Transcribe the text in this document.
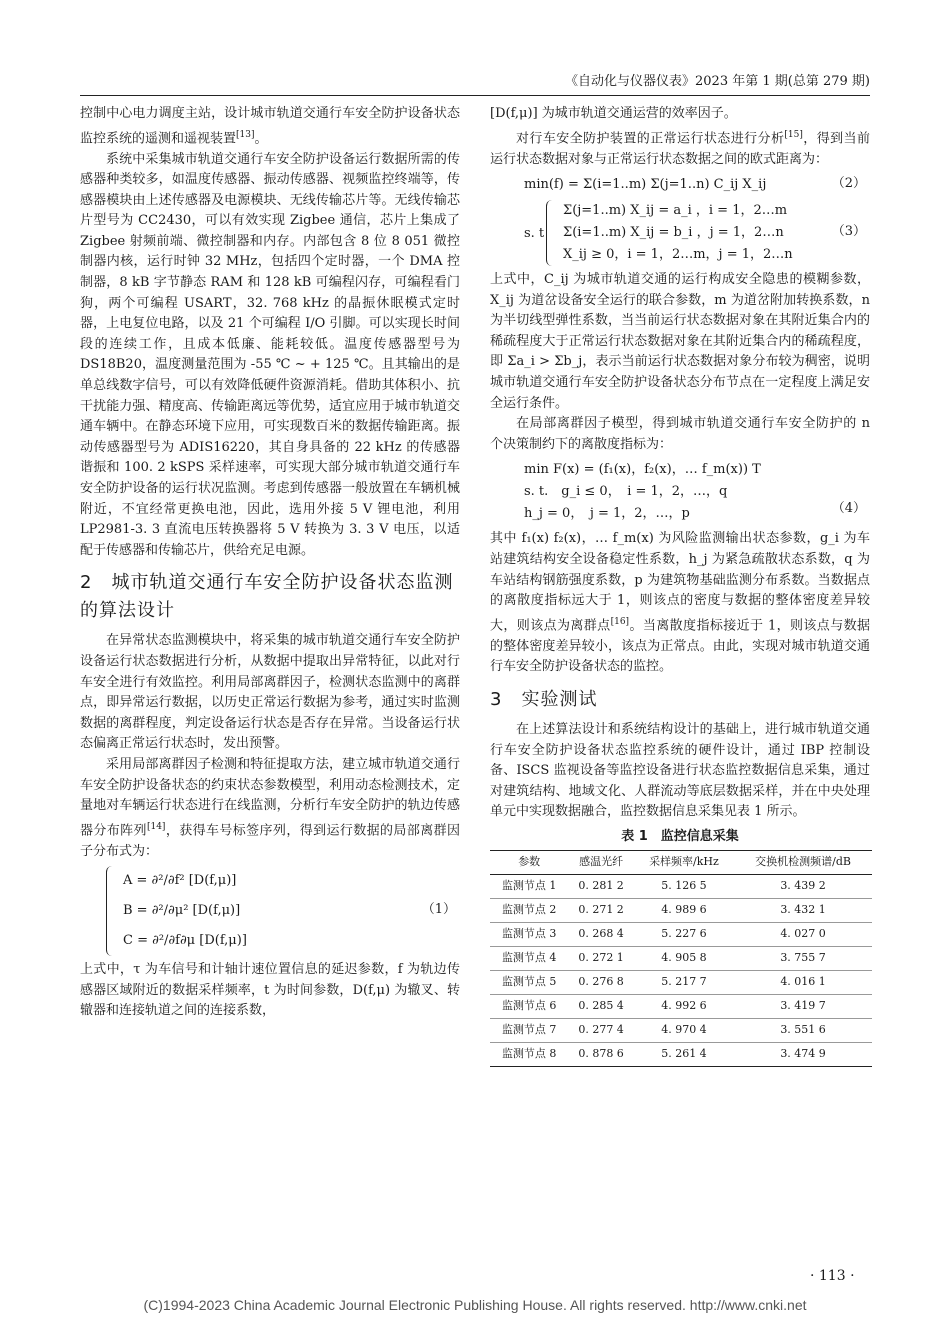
《自动化与仪器仪表》2023 年第 1 期(总第 279 期)

控制中心电力调度主站，设计城市轨道交通行车安全防护设备状态监控系统的遥测和遥视装置[13]。

系统中采集城市轨道交通行车安全防护设备运行数据所需的传感器种类较多，如温度传感器、振动传感器、视频监控终端等，传感器模块由上述传感器及电源模块、无线传输芯片等。无线传输芯片型号为 CC2430，可以有效实现 Zigbee 通信，芯片上集成了 Zigbee 射频前端、微控制器和内存。内部包含 8 位 8 051 微控制器内核，运行时钟 32 MHz，包括四个定时器，一个 DMA 控制器，8 kB 字节静态 RAM 和 128 kB 可编程闪存，可编程看门狗，两个可编程 USART，32. 768 kHz 的晶振休眠模式定时器，上电复位电路，以及 21 个可编程 I/O 引脚。可以实现长时间段的连续工作，且成本低廉、能耗较低。温度传感器型号为 DS18B20，温度测量范围为 -55 ℃ ~ + 125 ℃。且其输出的是单总线数字信号，可以有效降低硬件资源消耗。借助其体积小、抗干扰能力强、精度高、传输距离远等优势，适宜应用于城市轨道交通车辆中。在静态环境下应用，可实现数百米的数据传输距离。振动传感器型号为 ADIS16220，其自身具备的 22 kHz 的传感器谐振和 100. 2 kSPS 采样速率，可实现大部分城市轨道交通行车安全防护设备的运行状况监测。考虑到传感器一般放置在车辆机械附近，不宜经常更换电池，因此，选用外接 5 V 锂电池，利用 LP2981-3. 3 直流电压转换器将 5 V 转换为 3. 3 V 电压，以适配于传感器和传输芯片，供给充足电源。

2　城市轨道交通行车安全防护设备状态监测的算法设计

在异常状态监测模块中，将采集的城市轨道交通行车安全防护设备运行状态数据进行分析，从数据中提取出异常特征，以此对行车安全进行有效监控。利用局部离群因子，检测状态监测中的离群点，即异常运行数据，以历史正常运行数据为参考，通过实时监测数据的离群程度，判定设备运行状态是否存在异常。当设备运行状态偏离正常运行状态时，发出预警。

采用局部离群因子检测和特征提取方法，建立城市轨道交通行车安全防护设备状态的约束状态参数模型，利用动态检测技术，定量地对车辆运行状态进行在线监测，分析行车安全防护的轨边传感器分布阵列[14]，获得车号标签序列，得到运行数据的局部离群因子分布式为：

A = ∂²/∂f² [D(f,μ)]
B = ∂²/∂μ² [D(f,μ)]
C = ∂²/∂f∂μ [D(f,μ)]
（1）

上式中，τ 为车信号和计轴计速位置信息的延迟参数，f 为轨边传感器区域附近的数据采样频率，t 为时间参数，D(f,μ) 为辙叉、转辙器和连接轨道之间的连接系数，

[D(f,μ)] 为城市轨道交通运营的效率因子。

对行车安全防护装置的正常运行状态进行分析[15]，得到当前运行状态数据对象与正常运行状态数据之间的欧式距离为：

min(f) = Σ(i=1..m) Σ(j=1..n) C_ij X_ij	（2）
s. t
Σ(j=1..m) X_ij = a_i ，i = 1，2…m
Σ(i=1..m) X_ij = b_i ，j = 1，2…n
X_ij ≥ 0，i = 1，2…m，j = 1，2…n
（3）

上式中，C_ij 为城市轨道交通的运行构成安全隐患的模糊参数，X_ij 为道岔设备安全运行的联合参数，m 为道岔附加转换系数，n 为半切线型弹性系数，当当前运行状态数据对象在其附近集合内的稀疏程度大于正常运行状态数据对象在其附近集合内的稀疏程度，即 Σa_i > Σb_j，表示当前运行状态数据对象分布较为稠密，说明城市轨道交通行车安全防护设备状态分布节点在一定程度上满足安全运行条件。

在局部离群因子模型，得到城市轨道交通行车安全防护的 n 个决策制约下的离散度指标为：

min F(x) = (f₁(x)，f₂(x)，… f_m(x)) T
s. t.　g_i ≤ 0，　i = 1，2，…，q
h_j = 0，　j = 1，2，…，p	（4）

其中 f₁(x) f₂(x)，… f_m(x) 为风险监测输出状态参数，g_i 为车站建筑结构安全设备稳定性系数，h_j 为紧急疏散状态系数，q 为车站结构钢筋强度系数，p 为建筑物基础监测分布系数。当数据点的离散度指标远大于 1，则该点的密度与数据的整体密度差异较大，则该点为离群点[16]。当离散度指标接近于 1，则该点与数据的整体密度差异较小，该点为正常点。由此，实现对城市轨道交通行车安全防护设备状态的监控。

3　实验测试

在上述算法设计和系统结构设计的基础上，进行城市轨道交通行车安全防护设备状态监控系统的硬件设计，通过 IBP 控制设备、ISCS 监视设备等监控设备进行状态监控数据信息采集，通过对建筑结构、地域文化、人群流动等底层数据采样，并在中央处理单元中实现数据融合，监控数据信息采集见表 1 所示。

表 1　监控信息采集
参数	感温光纤	采样频率/kHz	交换机检测频谱/dB
监测节点 1	0. 281 2	5. 126 5	3. 439 2
监测节点 2	0. 271 2	4. 989 6	3. 432 1
监测节点 3	0. 268 4	5. 227 6	4. 027 0
监测节点 4	0. 272 1	4. 905 8	3. 755 7
监测节点 5	0. 276 8	5. 217 7	4. 016 1
监测节点 6	0. 285 4	4. 992 6	3. 419 7
监测节点 7	0. 277 4	4. 970 4	3. 551 6
监测节点 8	0. 878 6	5. 261 4	3. 474 9
· 113 ·
(C)1994-2023 China Academic Journal Electronic Publishing House. All rights reserved. http://www.cnki.net
